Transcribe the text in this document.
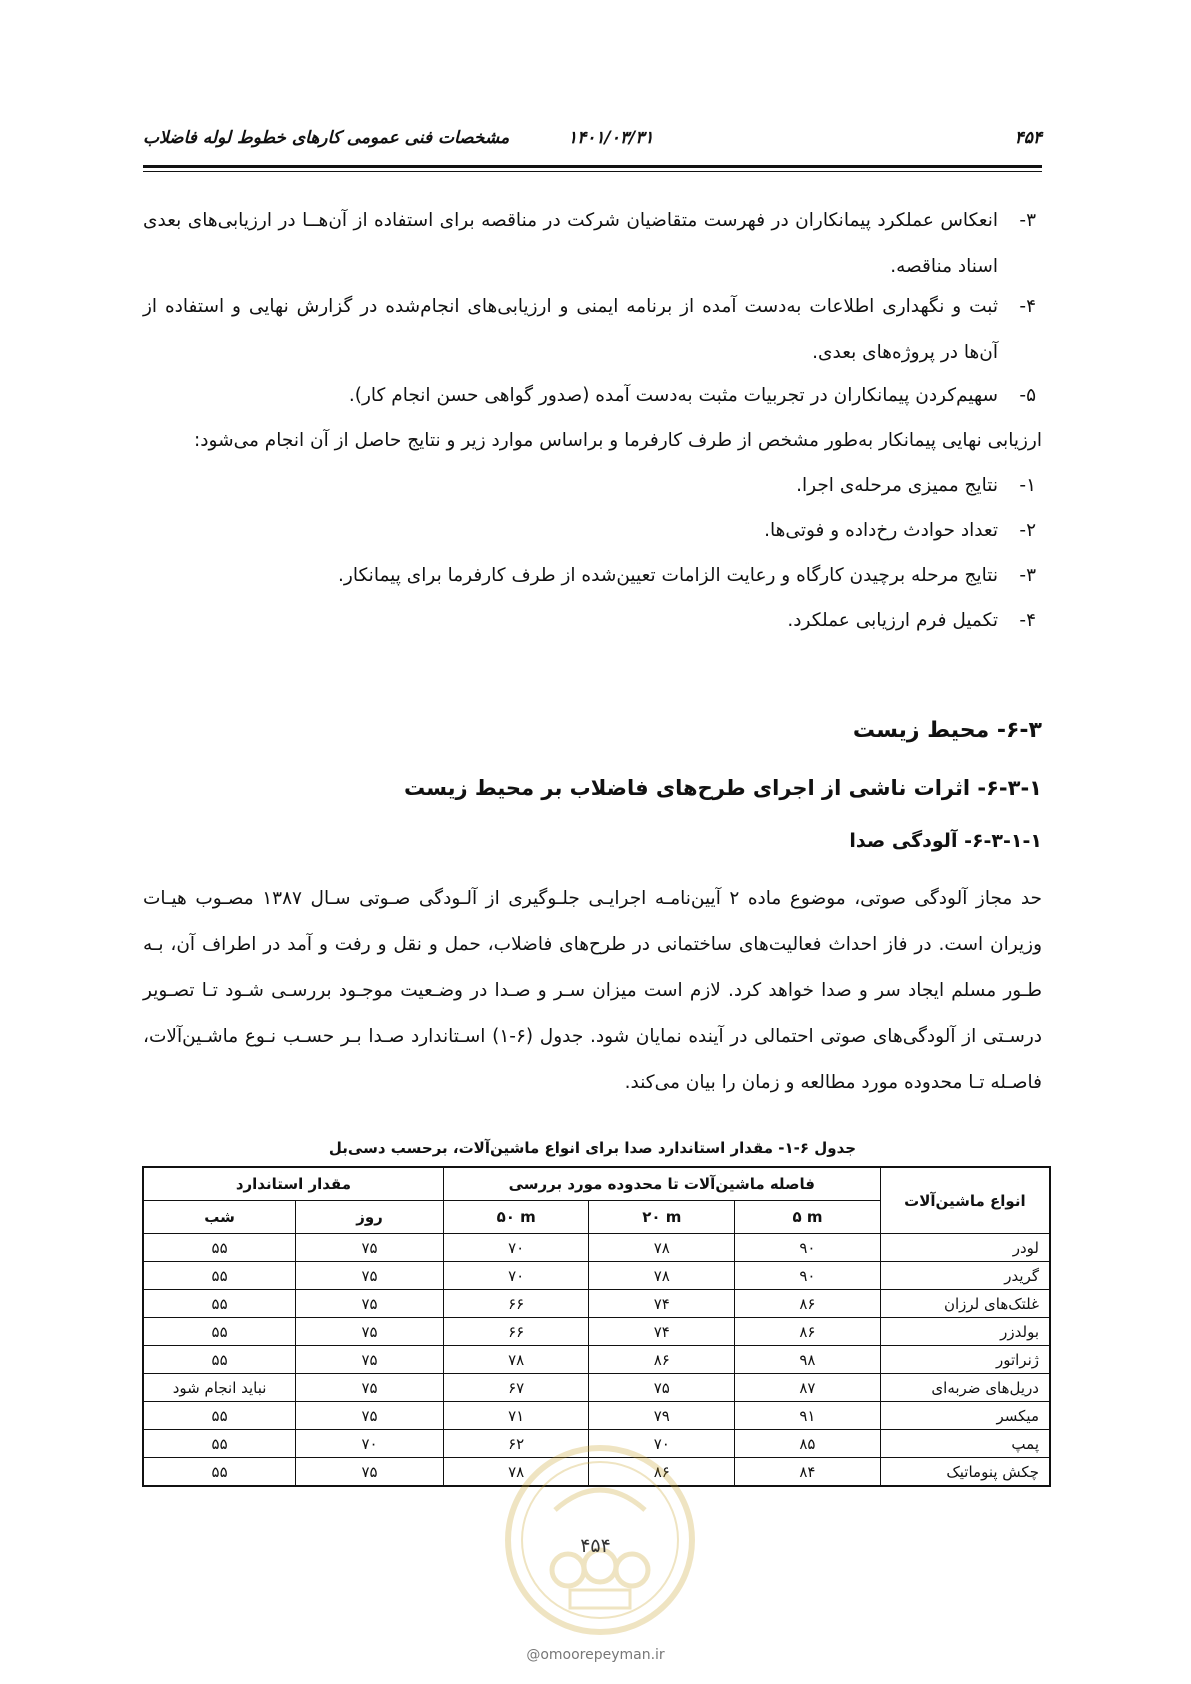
۴۵۴
۱۴۰۱/۰۳/۳۱
مشخصات فنی عمومی کارهای خطوط لوله فاضلاب
۳-
انعکاس عملکرد پیمانکاران در فهرست متقاضیان شرکت در مناقصه برای استفاده از آن‌هــا در ارزیابی‌های بعدی اسناد مناقصه.
۴-
ثبت و نگهداری اطلاعات به‌دست آمده از برنامه ایمنی و ارزیابی‌های انجام‌شده در گزارش نهایی و استفاده از آن‌ها در پروژه‌های بعدی.
۵-
سهیم‌کردن پیمانکاران در تجربیات مثبت به‌دست آمده (صدور گواهی حسن انجام کار).
ارزیابی نهایی پیمانکار به‌طور مشخص از طرف کارفرما و براساس موارد زیر و نتایج حاصل از آن انجام می‌شود:
۱-
نتایج ممیزی مرحله‌ی اجرا.
۲-
تعداد حوادث رخ‌داده و فوتی‌ها.
۳-
نتایج مرحله برچیدن کارگاه و رعایت الزامات تعیین‌شده از طرف کارفرما برای پیمانکار.
۴-
تکمیل فرم ارزیابی عملکرد.
۶-۳- محیط زیست
۶-۳-۱- اثرات ناشی از اجرای طرح‌های فاضلاب بر محیط زیست
۶-۳-۱-۱- آلودگی صدا
حد مجاز آلودگی صوتی، موضوع ماده ۲ آیین‌نامـه اجرایـی جلـوگیری از آلـودگی صـوتی سـال ۱۳۸۷ مصـوب هیـات وزیران است. در فاز احداث فعالیت‌های ساختمانی در طرح‌های فاضلاب، حمل و نقل و رفت و آمد در اطراف آن، بـه طـور مسلم ایجاد سر و صدا خواهد کرد. لازم است میزان سـر و صـدا در وضـعیت موجـود بررسـی شـود تـا تصـویر درسـتی از آلودگی‌های صوتی احتمالی در آینده نمایان شود. جدول (۶-۱) اسـتاندارد صـدا بـر حسـب نـوع ماشـین‌آلات، فاصـله تـا محدوده مورد مطالعه و زمان را بیان می‌کند.
جدول ۶-۱- مقدار استاندارد صدا برای انواع ماشین‌آلات، برحسب دسی‌بل
انواع ماشین‌آلات	فاصله ماشین‌آلات تا محدوده مورد بررسی			مقدار استاندارد	
	۵ m	۲۰ m	۵۰ m	روز	شب
لودر	۹۰	۷۸	۷۰	۷۵	۵۵
گریدر	۹۰	۷۸	۷۰	۷۵	۵۵
غلتک‌های لرزان	۸۶	۷۴	۶۶	۷۵	۵۵
بولدزر	۸۶	۷۴	۶۶	۷۵	۵۵
ژنراتور	۹۸	۸۶	۷۸	۷۵	۵۵
دریل‌های ضربه‌ای	۸۷	۷۵	۶۷	۷۵	نباید انجام شود
میکسر	۹۱	۷۹	۷۱	۷۵	۵۵
پمپ	۸۵	۷۰	۶۲	۷۰	۵۵
چکش پنوماتیک	۸۴	۸۶	۷۸	۷۵	۵۵
۴۵۴
@omoorepeyman.ir
